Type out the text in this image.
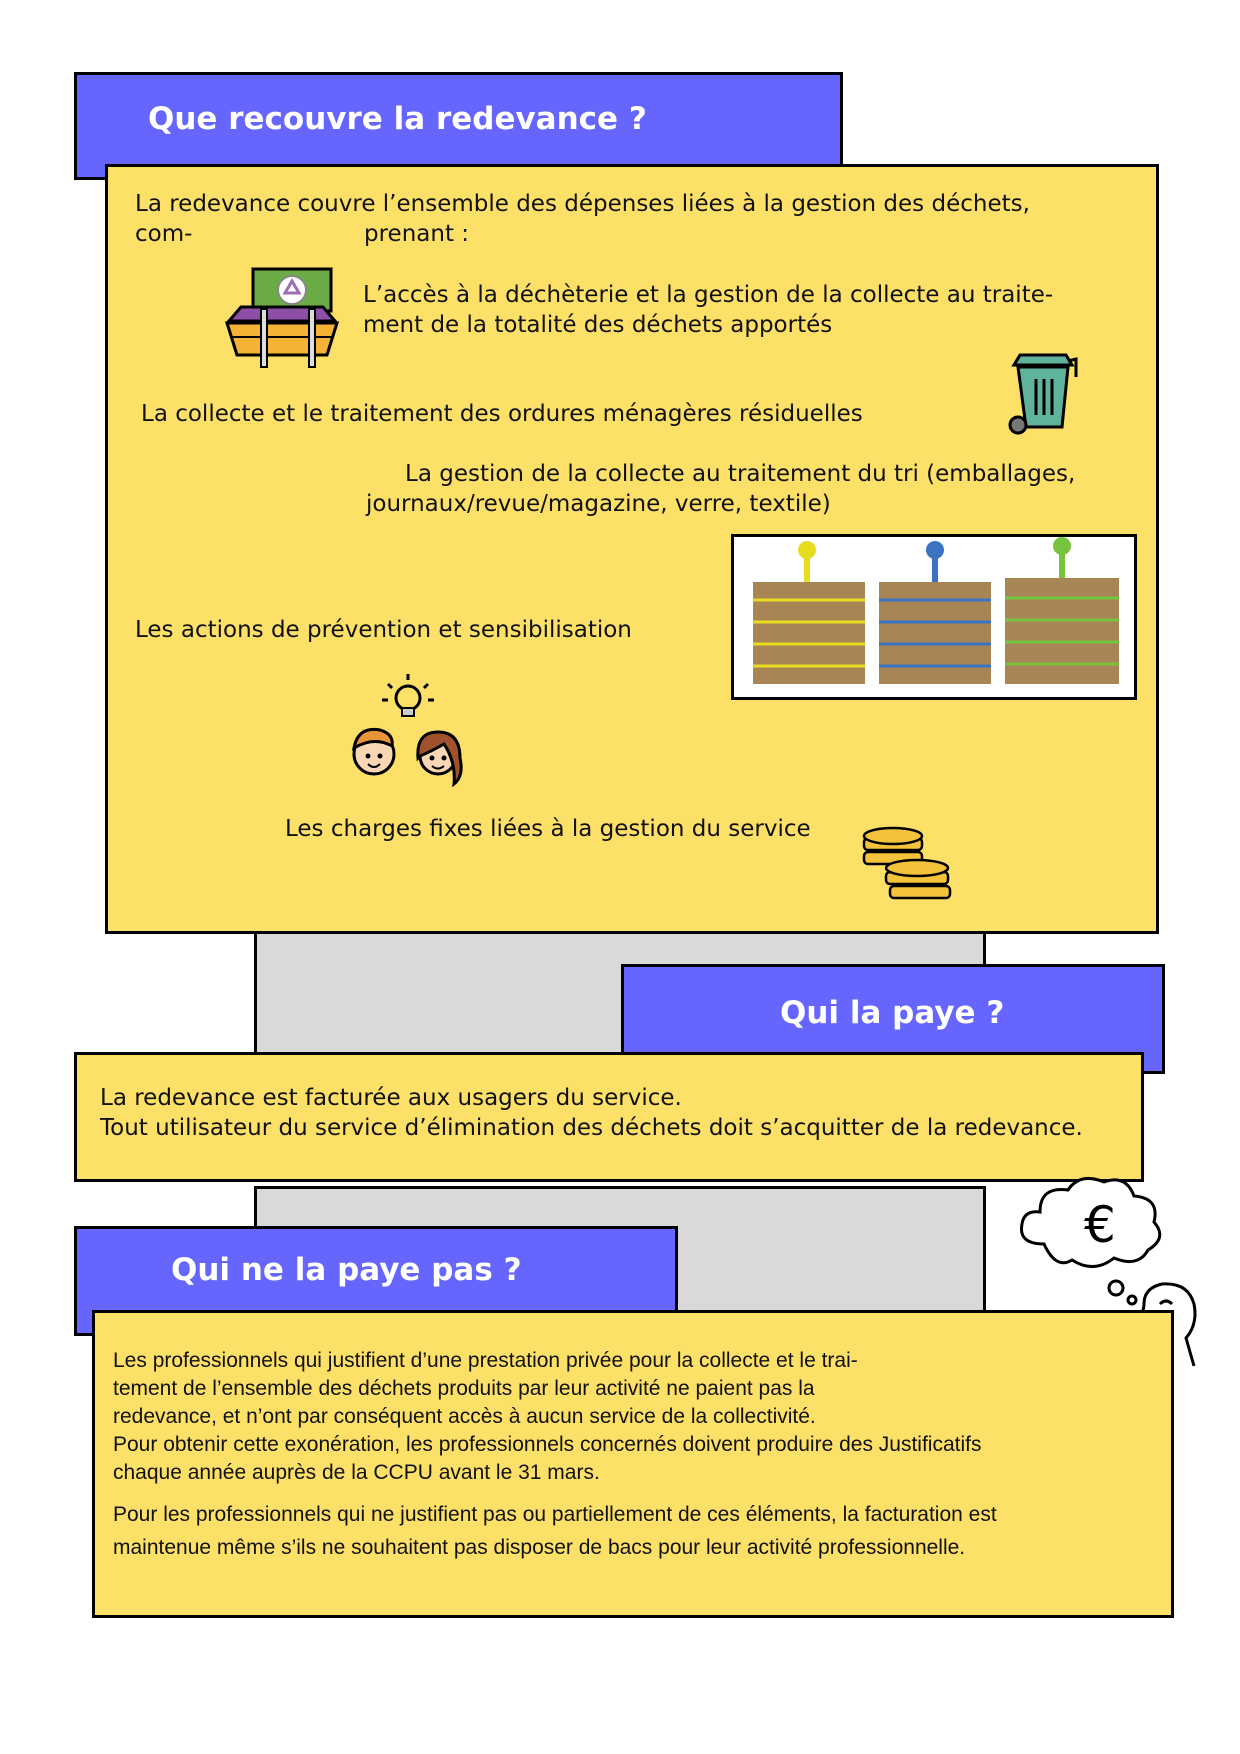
Que recouvre la redevance ?
La redevance couvre l’ensemble des dépenses liées à la gestion des déchets,
com-	prenant :
L’accès à la déchèterie et la gestion de la collecte au traite-
ment de la totalité des déchets apportés
La collecte et le traitement des ordures ménagères résiduelles
La gestion de la collecte au traitement du tri (emballages,
journaux/revue/magazine, verre, textile)
Les actions de prévention et sensibilisation
Les charges fixes liées à la gestion du service
Qui la paye ?
La redevance est facturée aux usagers du service.
Tout utilisateur du service d’élimination des déchets doit s’acquitter de la redevance.
€
Qui ne la paye pas ?
Les professionnels qui justifient d’une prestation privée pour la collecte et le trai-
tement de l’ensemble des déchets produits par leur activité ne paient pas la
redevance, et n’ont par conséquent accès à aucun service de la collectivité.
Pour obtenir cette exonération, les professionnels concernés doivent produire des Justificatifs
chaque année auprès de la CCPU avant le 31 mars.
Pour les professionnels qui ne justifient pas ou partiellement de ces éléments, la facturation est
maintenue même s’ils ne souhaitent pas disposer de bacs pour leur activité professionnelle.
